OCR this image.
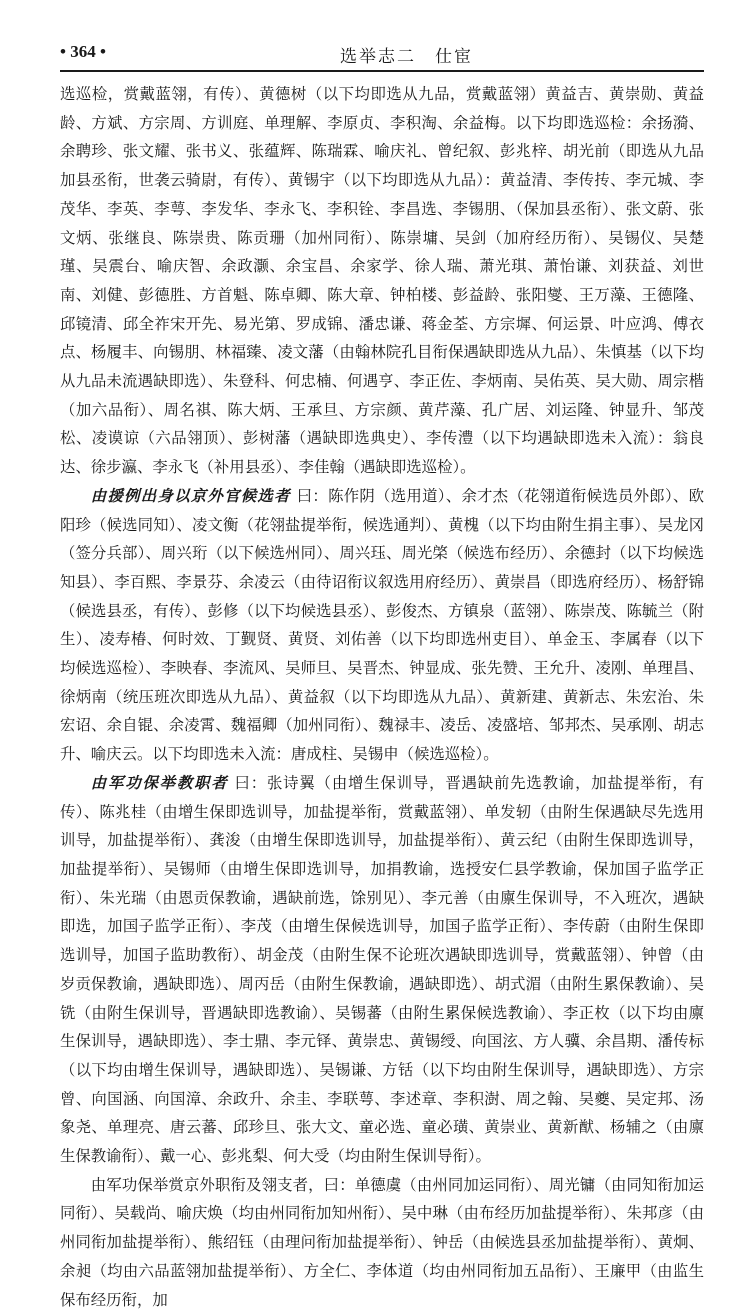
• 364 •	选举志二　仕宦

选巡检，赏戴蓝翎，有传）、黄德树（以下均即选从九品，赏戴蓝翎）黄益吉、黄崇勋、黄益龄、方斌、方宗周、方训庭、单理解、李原贞、李积淘、余益梅。以下均即选巡检：余扬漪、余聘珍、张文耀、张书义、张蕴辉、陈瑞霖、喻庆礼、曾纪叙、彭兆梓、胡光前（即选从九品加县丞衔，世袭云骑尉，有传）、黄锡宇（以下均即选从九品）：黄益清、李传抟、李元城、李茂华、李英、李萼、李发华、李永飞、李积铨、李昌选、李锡朋、（保加县丞衔）、张文蔚、张文炳、张继良、陈崇贵、陈贡珊（加州同衔）、陈崇墉、吴剑（加府经历衔）、吴锡仪、吴楚瑾、吴震台、喻庆智、余政灏、余宝昌、余家学、徐人瑞、萧光琪、萧怡谦、刘获益、刘世南、刘健、彭德胜、方首魁、陈卓卿、陈大章、钟柏楼、彭益龄、张阳燮、王万藻、王德隆、邱镜清、邱全祚宋开先、易光第、罗成锦、潘忠谦、蒋金荃、方宗墀、何运景、叶应鸿、傅衣点、杨履丰、向锡朋、林福臻、凌文藩（由翰林院孔目衔保遇缺即选从九品）、朱慎基（以下均从九品未流遇缺即选）、朱登科、何忠楠、何遇亨、李正佐、李炳南、吴佑英、吴大勋、周宗楷（加六品衔）、周名祺、陈大炳、王承旦、方宗颜、黄芹藻、孔广居、刘运隆、钟显升、邹茂松、凌谟谅（六品翎顶）、彭树藩（遇缺即选典史）、李传澧（以下均遇缺即选未入流）：翁良达、徐步瀛、李永飞（补用县丞）、李佳翰（遇缺即选巡检）。

由援例出身以京外官候选者 曰：陈作阴（选用道）、余才杰（花翎道衔候选员外郎）、欧阳珍（候选同知）、凌文衡（花翎盐提举衔，候选通判）、黄槐（以下均由附生捐主事）、吴龙冈（签分兵部）、周兴珩（以下候选州同）、周兴珏、周光棨（候选布经历）、余德封（以下均候选知县）、李百熙、李景芬、余凌云（由待诏衔议叙选用府经历）、黄崇昌（即选府经历）、杨舒锦（候选县丞，有传）、彭修（以下均候选县丞）、彭俊杰、方镇泉（蓝翎）、陈崇茂、陈毓兰（附生）、凌寿椿、何时效、丁觐贤、黄贤、刘佑善（以下均即选州吏目）、单金玉、李属春（以下均候选巡检）、李映春、李流风、吴师旦、吴晋杰、钟显成、张先赞、王允升、凌刚、单理昌、徐炳南（统压班次即选从九品）、黄益叙（以下均即选从九品）、黄新建、黄新志、朱宏治、朱宏诏、余自锟、余凌霄、魏福卿（加州同衔）、魏禄丰、凌岳、凌盛培、邹邦杰、吴承刚、胡志升、喻庆云。以下均即选未入流：唐成柱、吴锡申（候选巡检）。

由军功保举教职者 曰：张诗翼（由增生保训导，晋遇缺前先选教谕，加盐提举衔，有传）、陈兆桂（由增生保即选训导，加盐提举衔，赏戴蓝翎）、单发轫（由附生保遇缺尽先选用训导，加盐提举衔）、龚浚（由增生保即选训导，加盐提举衔）、黄云纪（由附生保即选训导，加盐提举衔）、吴锡师（由增生保即选训导，加捐教谕，选授安仁县学教谕，保加国子监学正衔）、朱光瑞（由恩贡保教谕，遇缺前选，馀别见）、李元善（由廪生保训导，不入班次，遇缺即选，加国子监学正衔）、李茂（由增生保候选训导，加国子监学正衔）、李传蔚（由附生保即选训导，加国子监助教衔）、胡金茂（由附生保不论班次遇缺即选训导，赏戴蓝翎）、钟曾（由岁贡保教谕，遇缺即选）、周丙岳（由附生保教谕，遇缺即选）、胡式湄（由附生累保教谕）、吴铣（由附生保训导，晋遇缺即选教谕）、吴锡蕃（由附生累保候选教谕）、李正枚（以下均由廪生保训导，遇缺即选）、李士鼎、李元铎、黄崇忠、黄锡绶、向国泫、方人骥、余昌期、潘传标（以下均由增生保训导，遇缺即选）、吴锡谦、方铦（以下均由附生保训导，遇缺即选）、方宗曾、向国涵、向国漳、余政升、余圭、李联萼、李述章、李积澍、周之翰、吴夔、吴定邦、汤象尧、单理亮、唐云蕃、邱珍旦、张大文、童必选、童必璜、黄崇业、黄新猷、杨辅之（由廪生保教谕衔）、戴一心、彭兆梨、何大受（均由附生保训导衔）。

由军功保举赏京外职衔及翎支者，曰：单德虞（由州同加运同衔）、周光镛（由同知衔加运同衔）、吴载尚、喻庆焕（均由州同衔加知州衔）、吴中琳（由布经历加盐提举衔）、朱邦彦（由州同衔加盐提举衔）、熊绍钰（由理问衔加盐提举衔）、钟岳（由候选县丞加盐提举衔）、黄炯、余昶（均由六品蓝翎加盐提举衔）、方全仁、李体道（均由州同衔加五品衔）、王廉甲（由监生保布经历衔，加
